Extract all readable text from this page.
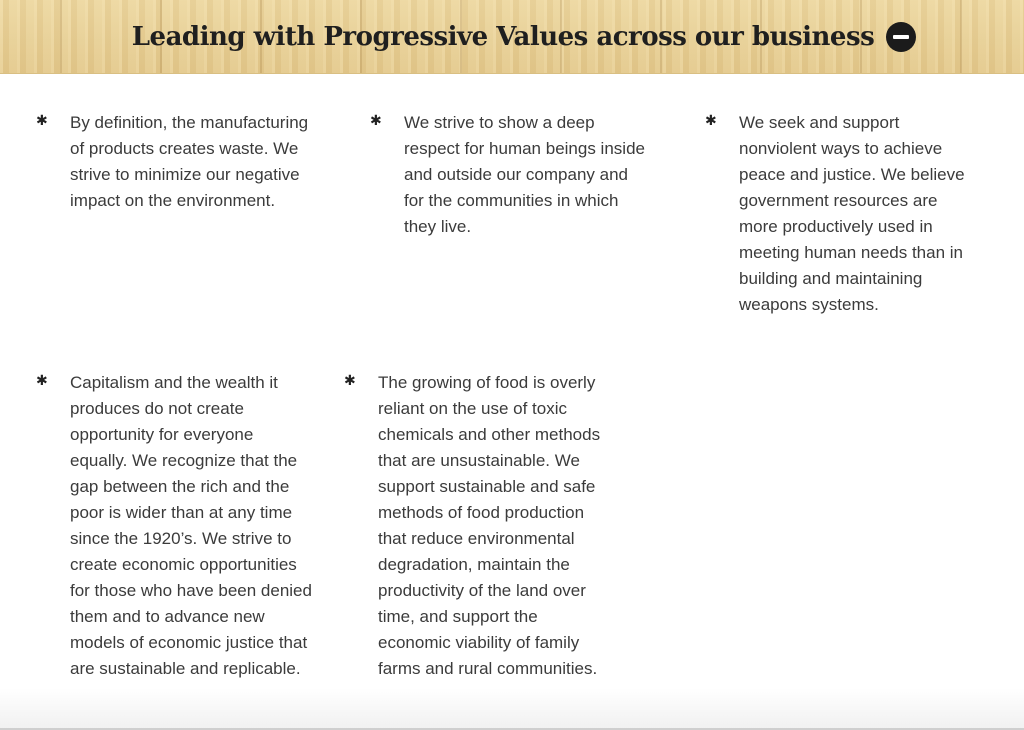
Leading with Progressive Values across our business
✱ By definition, the manufacturing of products creates waste. We strive to minimize our negative impact on the environment.
✱ We strive to show a deep respect for human beings inside and outside our company and for the communities in which they live.
✱ We seek and support nonviolent ways to achieve peace and justice. We believe government resources are more productively used in meeting human needs than in building and maintaining weapons systems.
✱ Capitalism and the wealth it produces do not create opportunity for everyone equally. We recognize that the gap between the rich and the poor is wider than at any time since the 1920’s. We strive to create economic opportunities for those who have been denied them and to advance new models of economic justice that are sustainable and replicable.
✱ The growing of food is overly reliant on the use of toxic chemicals and other methods that are unsustainable. We support sustainable and safe methods of food production that reduce environmental degradation, maintain the productivity of the land over time, and support the economic viability of family farms and rural communities.
